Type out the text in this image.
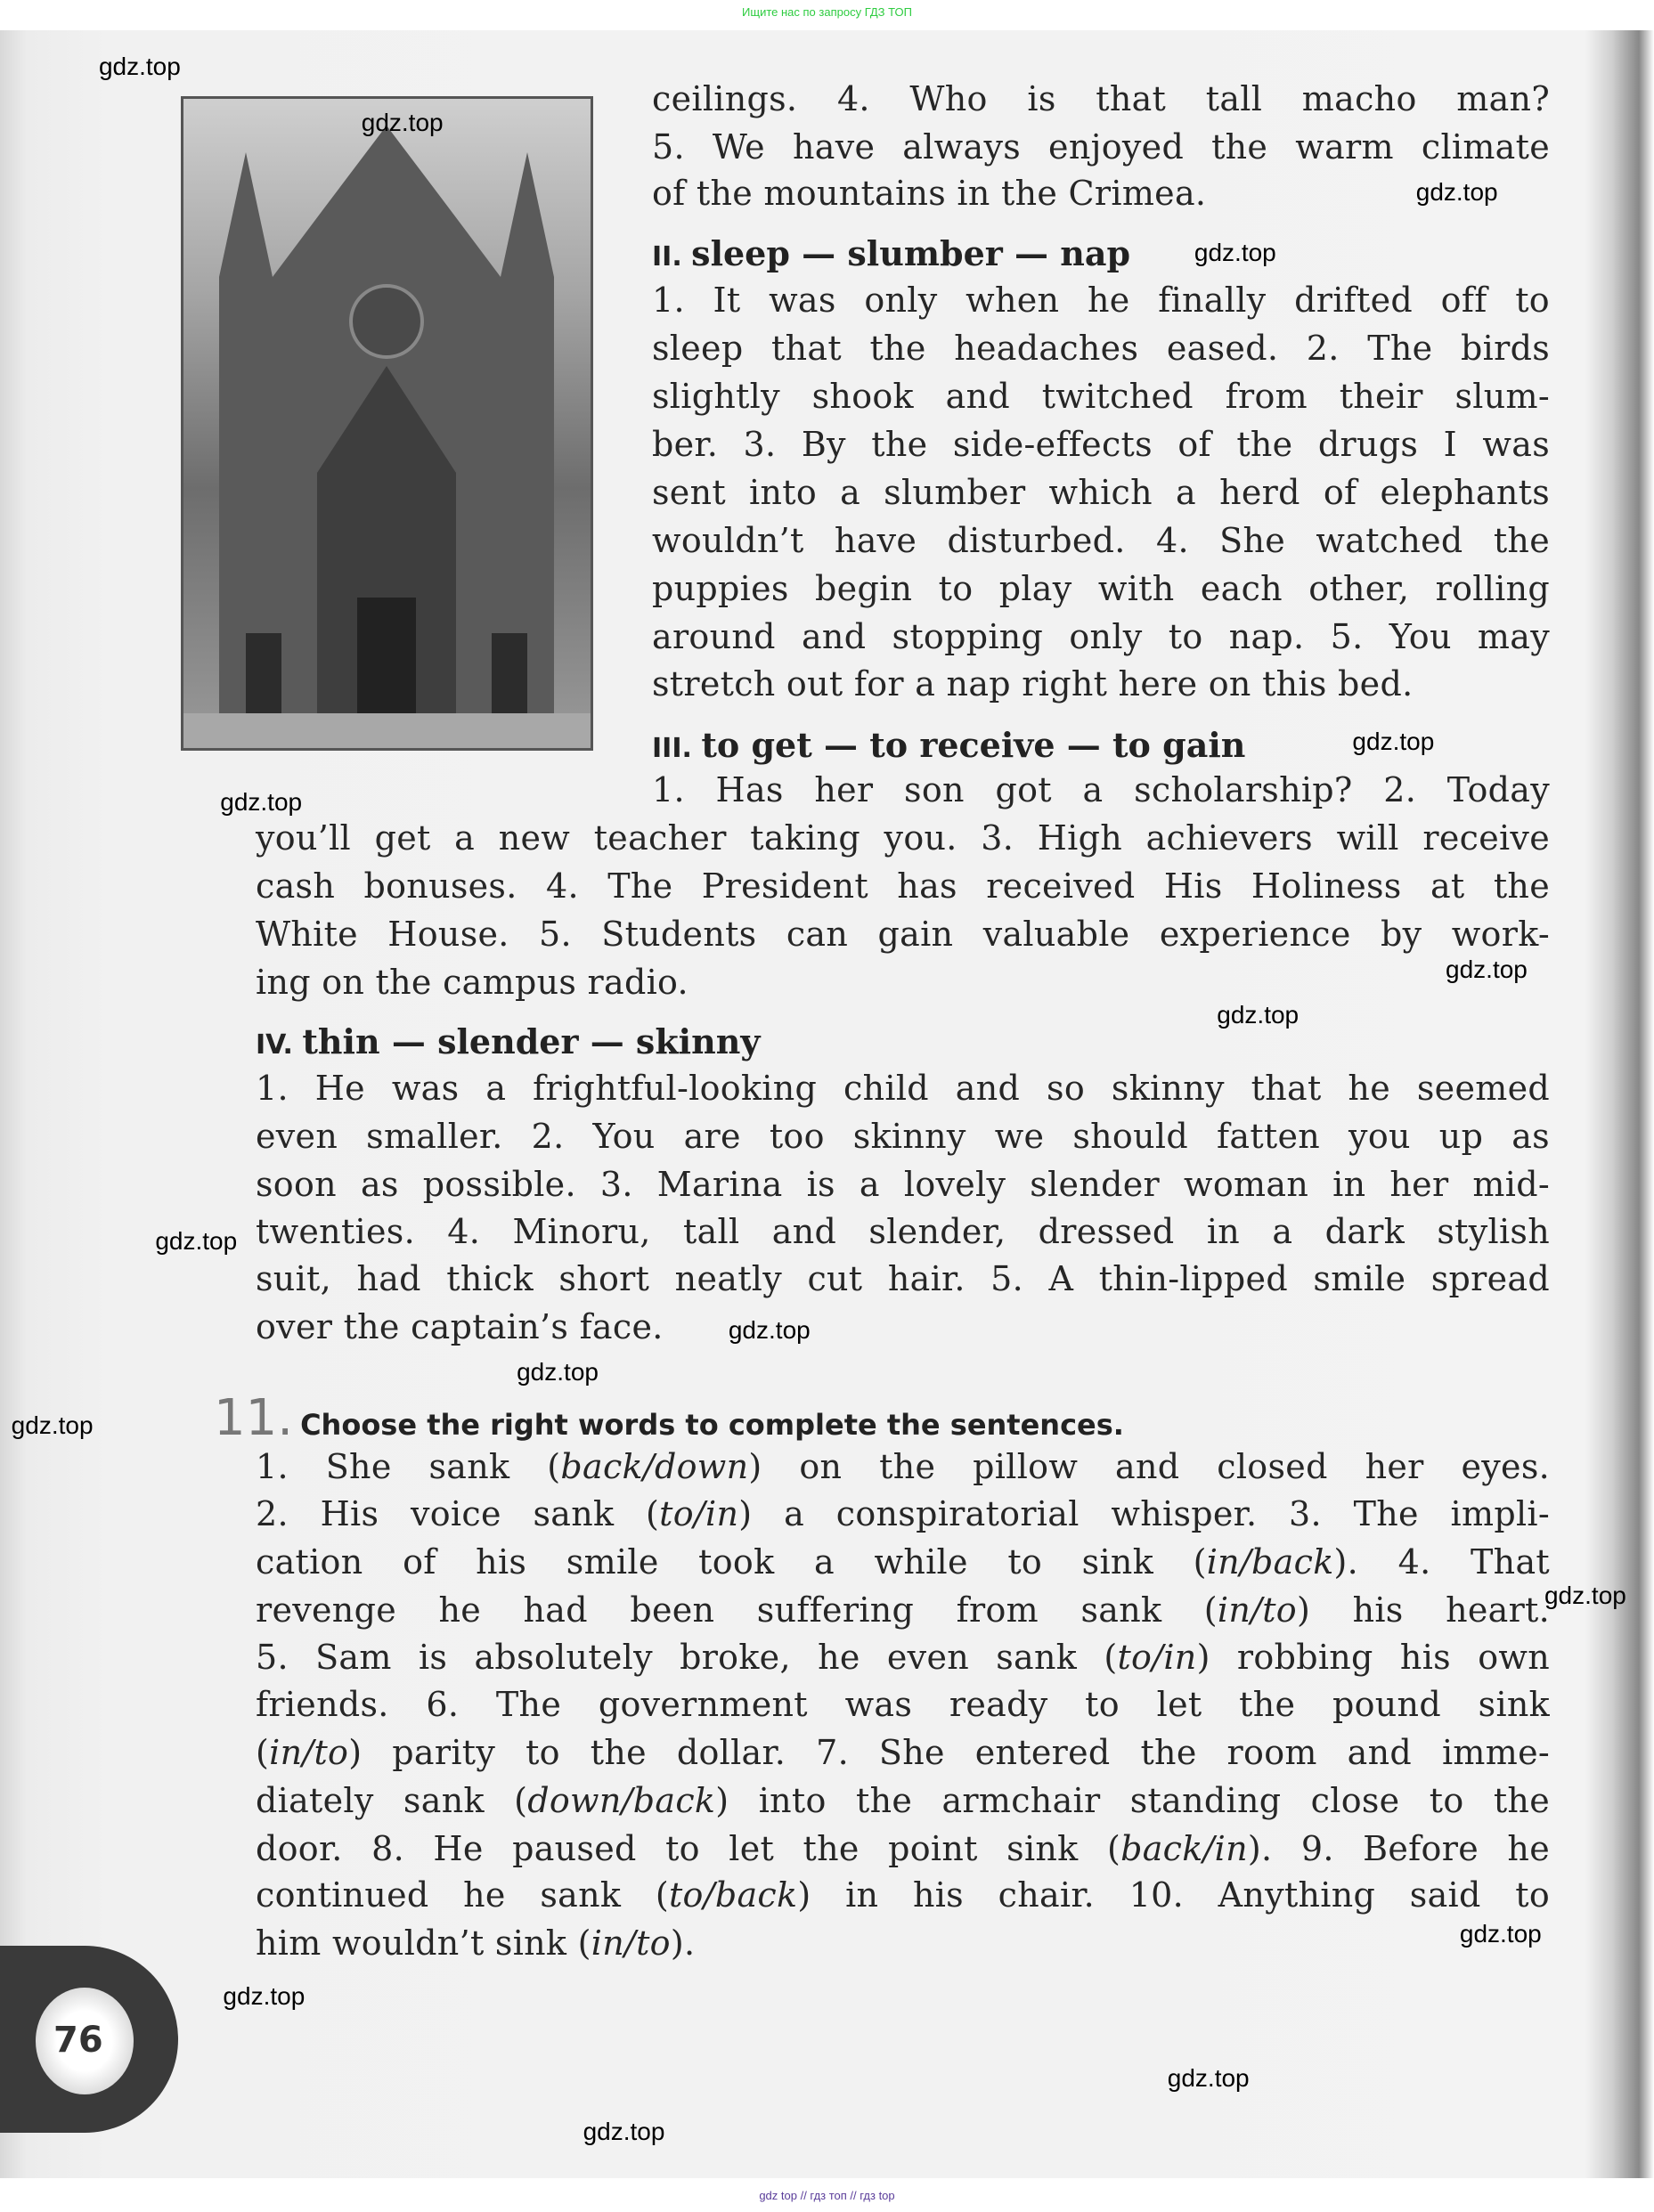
Ищите нас по запросу ГДЗ ТОП
ceilings. 4. Who is that tall macho man?
5. We have always enjoyed the warm climate
of the mountains in the Crimea.
II. sleep — slumber — nap
1. It was only when he finally drifted off to
sleep that the headaches eased. 2. The birds
slightly shook and twitched from their slum-
ber. 3. By the side-effects of the drugs I was
sent into a slumber which a herd of elephants
wouldn’t have disturbed. 4. She watched the
puppies begin to play with each other, rolling
around and stopping only to nap. 5. You may
stretch out for a nap right here on this bed.
III. to get — to receive — to gain
1. Has her son got a scholarship? 2. Today
you’ll get a new teacher taking you. 3. High achievers will receive
cash bonuses. 4. The President has received His Holiness at the
White House. 5. Students can gain valuable experience by work-
ing on the campus radio.
IV. thin — slender — skinny
1. He was a frightful-looking child and so skinny that he seemed
even smaller. 2. You are too skinny we should fatten you up as
soon as possible. 3. Marina is a lovely slender woman in her mid-
twenties. 4. Minoru, tall and slender, dressed in a dark stylish
suit, had thick short neatly cut hair. 5. A thin-lipped smile spread
over the captain’s face.
1. She sank (back/down) on the pillow and closed her eyes.
2. His voice sank (to/in) a conspiratorial whisper. 3. The impli-
cation of his smile took a while to sink (in/back). 4. That
revenge he had been suffering from sank (in/to) his heart.
5. Sam is absolutely broke, he even sank (to/in) robbing his own
friends. 6. The government was ready to let the pound sink
(in/to) parity to the dollar. 7. She entered the room and imme-
diately sank (down/back) into the armchair standing close to the
door. 8. He paused to let the point sink (back/in). 9. Before he
continued he sank (to/back) in his chair. 10. Anything said to
him wouldn’t sink (in/to).
11. Choose the right words to complete the sentences.
76
gdz.top
gdz.top
gdz.top
gdz.top
gdz.top
gdz.top
gdz.top
gdz.top
gdz.top
gdz.top
gdz.top
gdz.top
gdz.top
gdz.top
gdz.top
gdz.top
gdz.top
gdz top // гдз топ // гдз top
